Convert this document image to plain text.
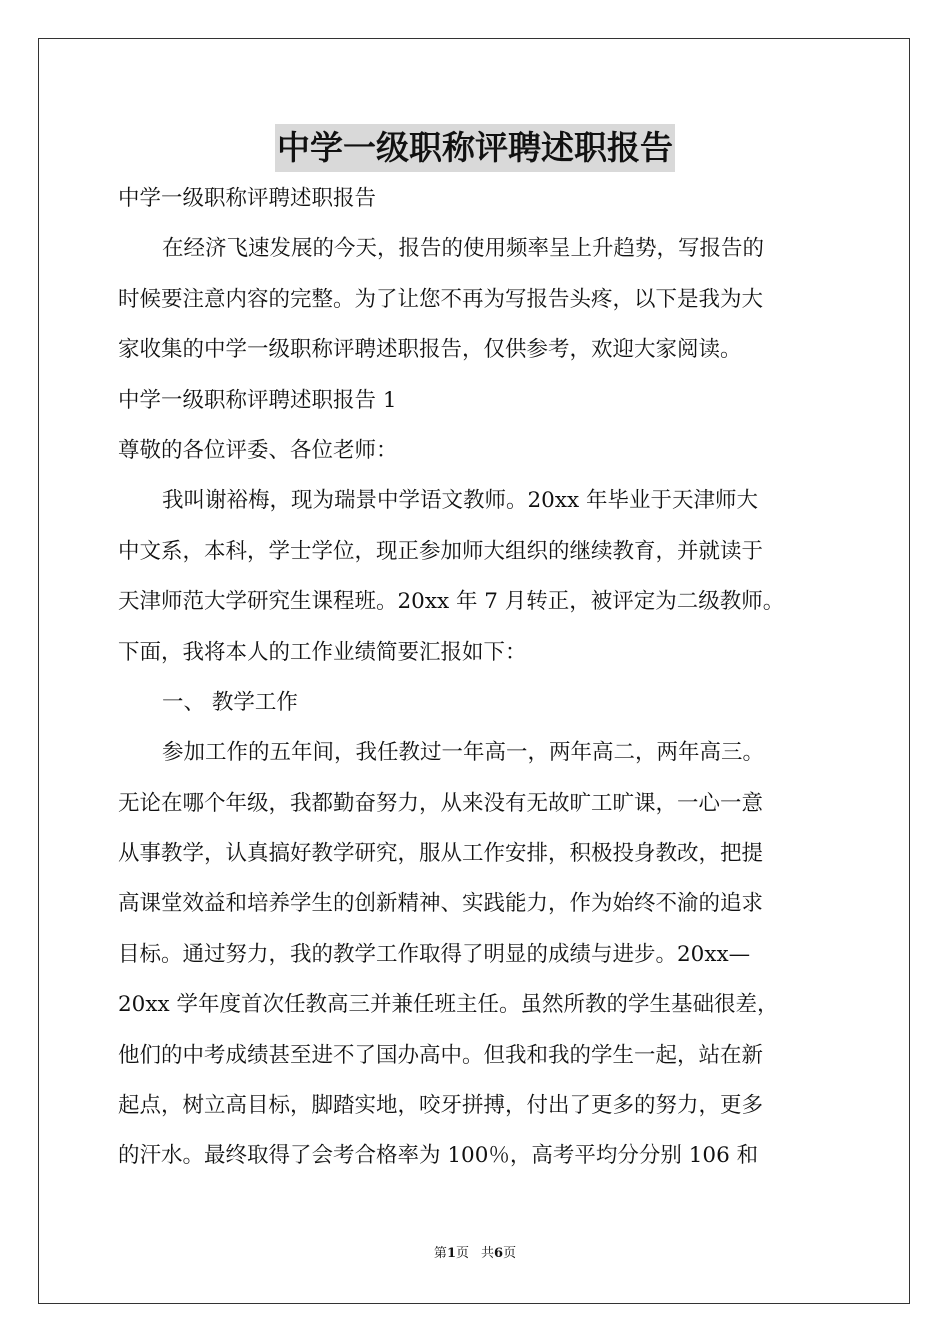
中学一级职称评聘述职报告

中学一级职称评聘述职报告

在经济飞速发展的今天，报告的使用频率呈上升趋势，写报告的

时候要注意内容的完整。为了让您不再为写报告头疼，以下是我为大

家收集的中学一级职称评聘述职报告，仅供参考，欢迎大家阅读。

中学一级职称评聘述职报告 1

尊敬的各位评委、各位老师：

我叫谢裕梅，现为瑞景中学语文教师。20xx 年毕业于天津师大

中文系，本科，学士学位，现正参加师大组织的继续教育，并就读于

天津师范大学研究生课程班。20xx 年 7 月转正，被评定为二级教师。

下面，我将本人的工作业绩简要汇报如下：

一、 教学工作

参加工作的五年间，我任教过一年高一，两年高二，两年高三。

无论在哪个年级，我都勤奋努力，从来没有无故旷工旷课，一心一意

从事教学，认真搞好教学研究，服从工作安排，积极投身教改，把提

高课堂效益和培养学生的创新精神、实践能力，作为始终不渝的追求

目标。通过努力，我的教学工作取得了明显的成绩与进步。20xx—

20xx 学年度首次任教高三并兼任班主任。虽然所教的学生基础很差，

他们的中考成绩甚至进不了国办高中。但我和我的学生一起，站在新

起点，树立高目标，脚踏实地，咬牙拼搏，付出了更多的努力，更多

的汗水。最终取得了会考合格率为 100％，高考平均分分别 106 和

第1页 共6页
